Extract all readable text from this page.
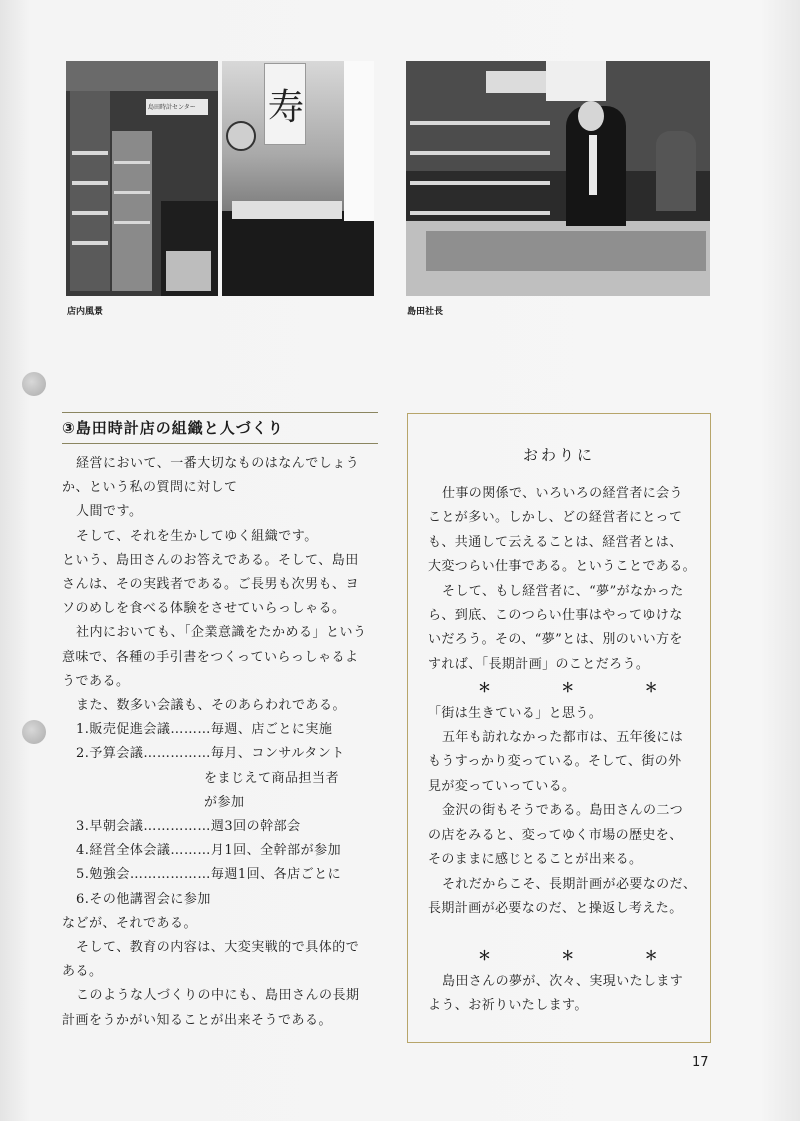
島田時計センター	寿
店内風景	島田社長
③島田時計店の組織と人づくり

経営において、一番大切なものはなんでしょう

か、という私の質問に対して

人間です。

そして、それを生かしてゆく組織です。

という、島田さんのお答えである。そして、島田

さんは、その実践者である。ご長男も次男も、ヨ

ソのめしを食べる体験をさせていらっしゃる。

社内においても、「企業意識をたかめる」という

意味で、各種の手引書をつくっていらっしゃるよ

うである。

また、数多い会議も、そのあらわれである。

1.販売促進会議………毎週、店ごとに実施

2.予算会議……………毎月、コンサルタント

をまじえて商品担当者

が参加

3.早朝会議……………週3回の幹部会

4.経営全体会議………月1回、全幹部が参加

5.勉強会………………毎週1回、各店ごとに

6.その他講習会に参加

などが、それである。

そして、教育の内容は、大変実戦的で具体的で

ある。

このような人づくりの中にも、島田さんの長期

計画をうかがい知ることが出来そうである。

おわりに

仕事の関係で、いろいろの経営者に会う

ことが多い。しかし、どの経営者にとって

も、共通して云えることは、経営者とは、

大変つらい仕事である。ということである。

そして、もし経営者に、“夢”がなかった

ら、到底、このつらい仕事はやってゆけな

いだろう。その、“夢”とは、別のいい方を

すれば、「長期計画」のことだろう。

＊	＊	＊

「街は生きている」と思う。

五年も訪れなかった都市は、五年後には

もうすっかり変っている。そして、街の外

見が変っていっている。

金沢の街もそうである。島田さんの二つ

の店をみると、変ってゆく市場の歴史を、

そのままに感じとることが出来る。

それだからこそ、長期計画が必要なのだ、

長期計画が必要なのだ、と操返し考えた。

＊	＊	＊

島田さんの夢が、次々、実現いたします

よう、お祈りいたします。

17
